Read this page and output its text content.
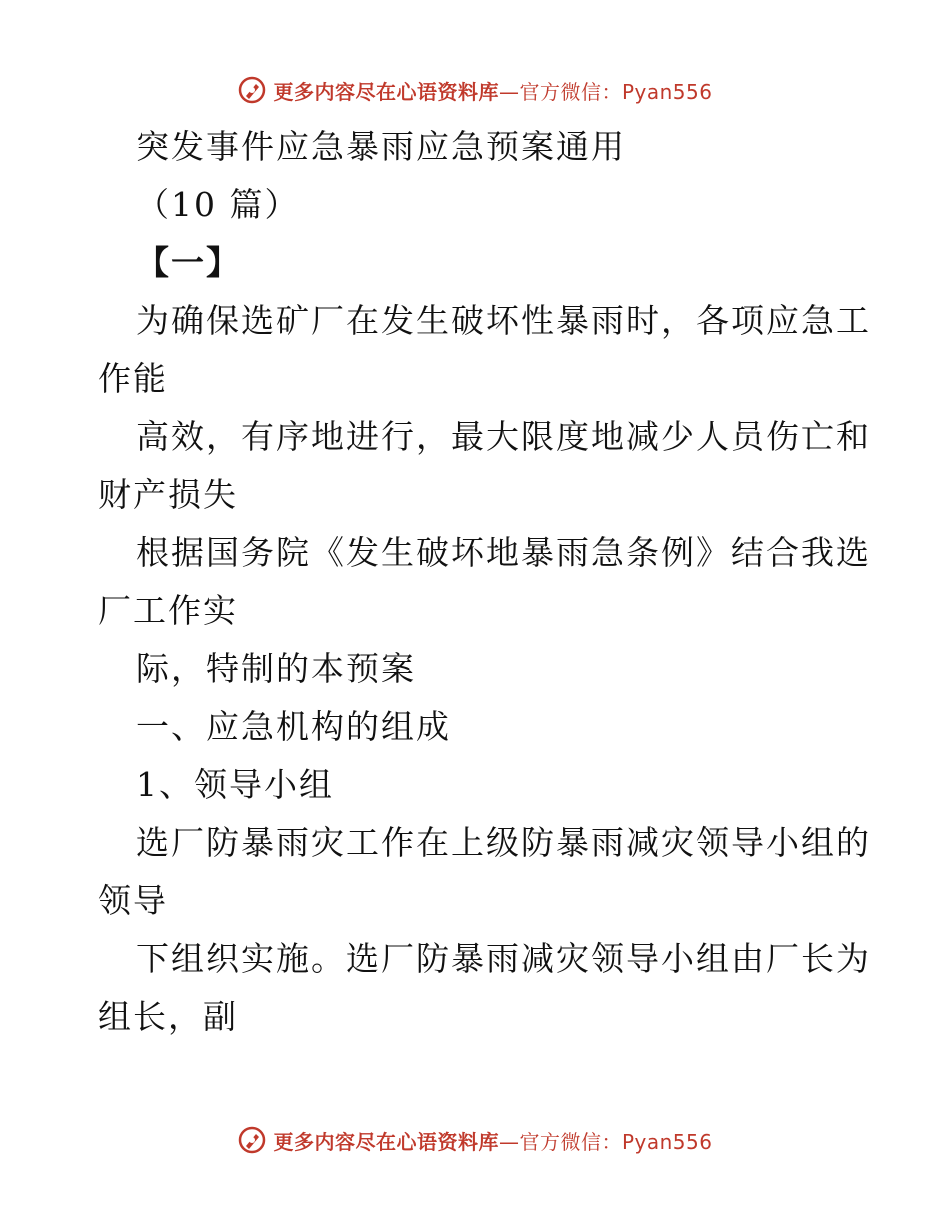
更多内容尽在心语资料库—官方微信：Pyan556
突发事件应急暴雨应急预案通用
（10 篇）
【一】
为确保选矿厂在发生破坏性暴雨时，各项应急工
作能
高效，有序地进行，最大限度地减少人员伤亡和
财产损失
根据国务院《发生破坏地暴雨急条例》结合我选
厂工作实
际，特制的本预案
一、应急机构的组成
1、领导小组
选厂防暴雨灾工作在上级防暴雨减灾领导小组的
领导
下组织实施。选厂防暴雨减灾领导小组由厂长为
组长，副
更多内容尽在心语资料库—官方微信：Pyan556
